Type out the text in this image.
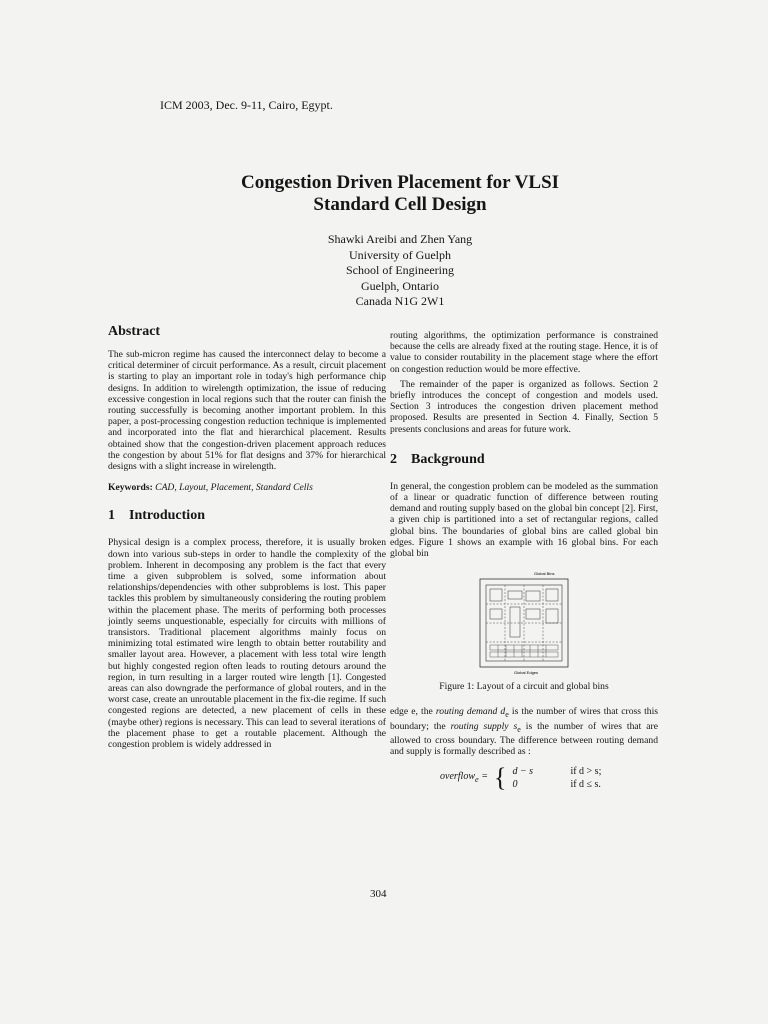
ICM 2003, Dec. 9-11, Cairo, Egypt.
Congestion Driven Placement for VLSI
Standard Cell Design
Shawki Areibi and Zhen Yang
University of Guelph
School of Engineering
Guelph, Ontario
Canada N1G 2W1
Abstract

The sub-micron regime has caused the interconnect delay to become a critical determiner of circuit performance. As a result, circuit placement is starting to play an important role in today's high performance chip designs. In addition to wirelength optimization, the issue of reducing excessive congestion in local regions such that the router can finish the routing successfully is becoming another important problem. In this paper, a post-processing congestion reduction technique is implemented and incorporated into the flat and hierarchical placement. Results obtained show that the congestion-driven placement approach reduces the congestion by about 51% for flat designs and 37% for hierarchical designs with a slight increase in wirelength.

Keywords: CAD, Layout, Placement, Standard Cells
1 Introduction

Physical design is a complex process, therefore, it is usually broken down into various sub-steps in order to handle the complexity of the problem. Inherent in decomposing any problem is the fact that every time a given subproblem is solved, some information about relationships/dependencies with other subproblems is lost. This paper tackles this problem by simultaneously considering the routing problem within the placement phase. The merits of performing both processes jointly seems unquestionable, especially for circuits with millions of transistors. Traditional placement algorithms mainly focus on minimizing total estimated wire length to obtain better routability and smaller layout area. However, a placement with less total wire length but highly congested region often leads to routing detours around the region, in turn resulting in a larger routed wire length [1]. Congested areas can also downgrade the performance of global routers, and in the worst case, create an unroutable placement in the fix-die regime. If such congested regions are detected, a new placement of cells in these (maybe other) regions is necessary. This can lead to several iterations of the placement phase to get a routable placement. Although the congestion problem is widely addressed in

routing algorithms, the optimization performance is constrained because the cells are already fixed at the routing stage. Hence, it is of value to consider routability in the placement stage where the effort on congestion reduction would be more effective.

The remainder of the paper is organized as follows. Section 2 briefly introduces the concept of congestion and models used. Section 3 introduces the congestion driven placement method proposed. Results are presented in Section 4. Finally, Section 5 presents conclusions and areas for future work.

2 Background

In general, the congestion problem can be modeled as the summation of a linear or quadratic function of difference between routing demand and routing supply based on the global bin concept [2]. First, a given chip is partitioned into a set of rectangular regions, called global bins. The boundaries of global bins are called global bin edges. Figure 1 shows an example with 16 global bins. For each global bin

Global Bins
Global Edges
Figure 1: Layout of a circuit and global bins

edge e, the routing demand $d_e$ is the number of wires that cross this boundary; the routing supply $s_e$ is the number of wires that are allowed to cross boundary. The difference between routing demand and supply is formally described as :

overflow$_e$ = { d − s	if d > s;
0	if d ≤ s.
304
